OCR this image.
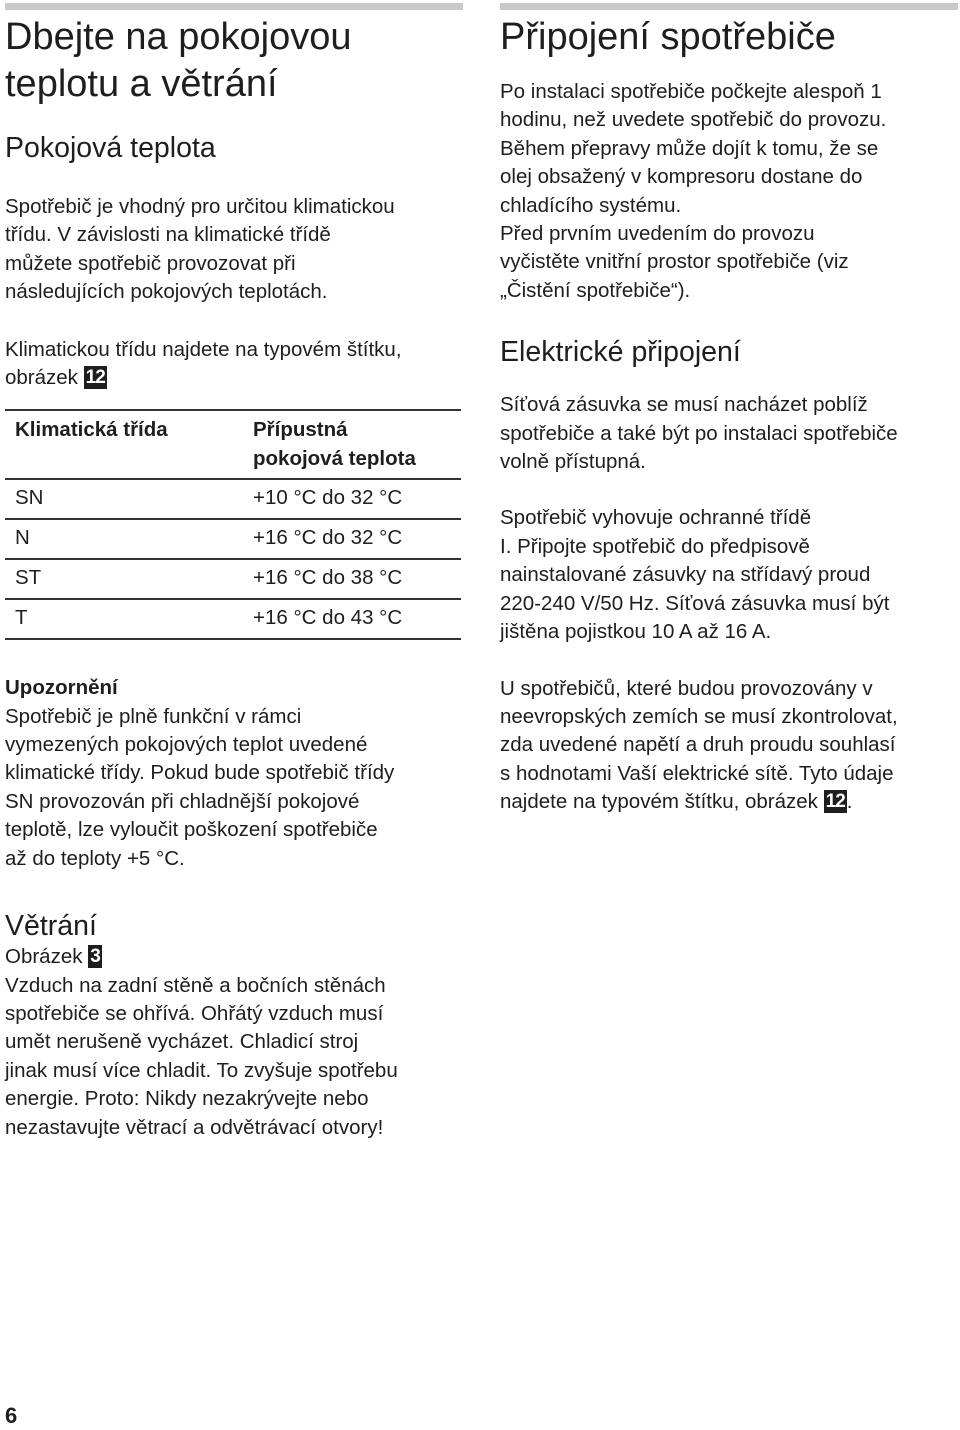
Dbejte na pokojovou
teplotu a větrání
Pokojová teplota
Spotřebič je vhodný pro určitou klimatickou
třídu. V závislosti na klimatické třídě
můžete spotřebič provozovat při
následujících pokojových teplotách.
Klimatickou třídu najdete na typovém štítku,
obrázek 12
Klimatická třída	Přípustná
pokojová teplota

SN	+10 °C do 32 °C
N	+16 °C do 32 °C
ST	+16 °C do 38 °C
T	+16 °C do 43 °C
Upozornění
Spotřebič je plně funkční v rámci
vymezených pokojových teplot uvedené
klimatické třídy. Pokud bude spotřebič třídy
SN provozován při chladnější pokojové
teplotě, lze vyloučit poškození spotřebiče
až do teploty +5 °C.
Větrání
Obrázek 3
Vzduch na zadní stěně a bočních stěnách
spotřebiče se ohřívá. Ohřátý vzduch musí
umět nerušeně vycházet. Chladicí stroj
jinak musí více chladit. To zvyšuje spotřebu
energie. Proto: Nikdy nezakrývejte nebo
nezastavujte větrací a odvětrávací otvory!
Připojení spotřebiče
Po instalaci spotřebiče počkejte alespoň 1
hodinu, než uvedete spotřebič do provozu.
Během přepravy může dojít k tomu, že se
olej obsažený v kompresoru dostane do
chladícího systému.
Před prvním uvedením do provozu
vyčistěte vnitřní prostor spotřebiče (viz
„Čistění spotřebiče“).
Elektrické připojení
Síťová zásuvka se musí nacházet poblíž
spotřebiče a také být po instalaci spotřebiče
volně přístupná.
Spotřebič vyhovuje ochranné třídě
I. Připojte spotřebič do předpisově
nainstalované zásuvky na střídavý proud
220-240 V/50 Hz. Síťová zásuvka musí být
jištěna pojistkou 10 A až 16 A.
U spotřebičů, které budou provozovány v
neevropských zemích se musí zkontrolovat,
zda uvedené napětí a druh proudu souhlasí
s hodnotami Vaší elektrické sítě. Tyto údaje
najdete na typovém štítku, obrázek 12.
6
